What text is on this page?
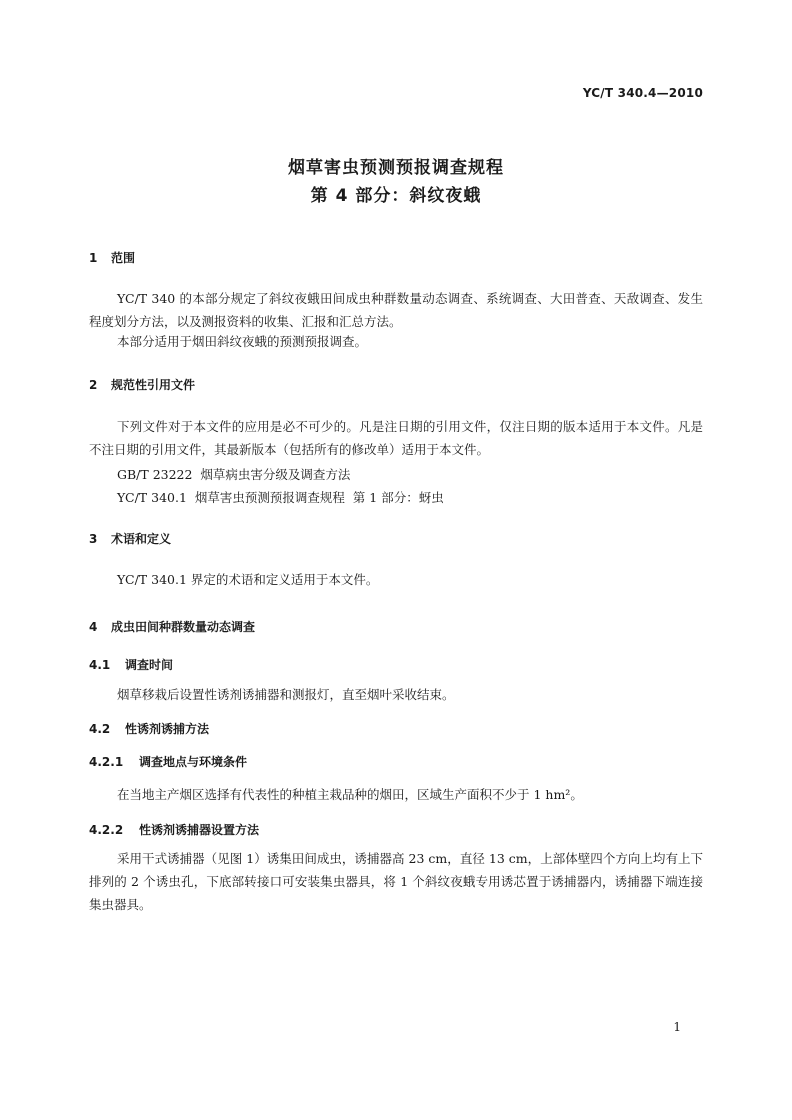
YC/T 340.4—2010
烟草害虫预测预报调查规程
第 4 部分：斜纹夜蛾
1 范围
YC/T 340 的本部分规定了斜纹夜蛾田间成虫种群数量动态调查、系统调查、大田普查、天敌调查、发生程度划分方法，以及测报资料的收集、汇报和汇总方法。
本部分适用于烟田斜纹夜蛾的预测预报调查。
2 规范性引用文件
下列文件对于本文件的应用是必不可少的。凡是注日期的引用文件，仅注日期的版本适用于本文件。凡是不注日期的引用文件，其最新版本（包括所有的修改单）适用于本文件。
GB/T 23222  烟草病虫害分级及调查方法
YC/T 340.1  烟草害虫预测预报调查规程  第 1 部分：蚜虫
3 术语和定义
YC/T 340.1 界定的术语和定义适用于本文件。
4 成虫田间种群数量动态调查
4.1 调查时间
烟草移栽后设置性诱剂诱捕器和测报灯，直至烟叶采收结束。
4.2 性诱剂诱捕方法
4.2.1 调查地点与环境条件
在当地主产烟区选择有代表性的种植主栽品种的烟田，区域生产面积不少于 1 hm²。
4.2.2 性诱剂诱捕器设置方法
采用干式诱捕器（见图 1）诱集田间成虫，诱捕器高 23 cm，直径 13 cm，上部体壁四个方向上均有上下排列的 2 个诱虫孔，下底部转接口可安装集虫器具，将 1 个斜纹夜蛾专用诱芯置于诱捕器内，诱捕器下端连接集虫器具。
1
